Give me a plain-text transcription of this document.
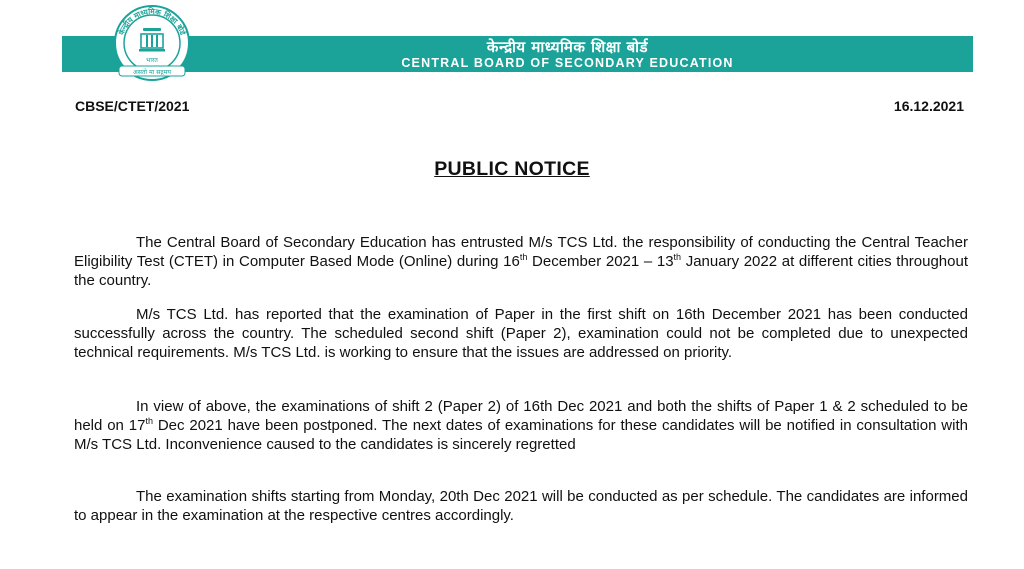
केन्द्रीय माध्यमिक शिक्षा बोर्ड
CENTRAL BOARD OF SECONDARY EDUCATION
केन्द्रीय माध्यमिक शिक्षा बोर्ड
भारत
असतो मा सद्गमय
CBSE/CTET/2021	16.12.2021
PUBLIC NOTICE

The Central Board of Secondary Education has entrusted M/s TCS Ltd. the responsibility of conducting the Central Teacher Eligibility Test (CTET) in Computer Based Mode (Online) during 16th December 2021 – 13th January 2022 at different cities throughout the country.

M/s TCS Ltd. has reported that the examination of Paper in the first shift on 16th December 2021 has been conducted successfully across the country. The scheduled second shift (Paper 2), examination could not be completed due to unexpected technical requirements. M/s TCS Ltd. is working to ensure that the issues are addressed on priority.

In view of above, the examinations of shift 2 (Paper 2) of 16th Dec 2021 and both the shifts of Paper 1 & 2 scheduled to be held on 17th Dec 2021 have been postponed. The next dates of examinations for these candidates will be notified in consultation with M/s TCS Ltd. Inconvenience caused to the candidates is sincerely regretted

The examination shifts starting from Monday, 20th Dec 2021 will be conducted as per schedule. The candidates are informed to appear in the examination at the respective centres accordingly.
